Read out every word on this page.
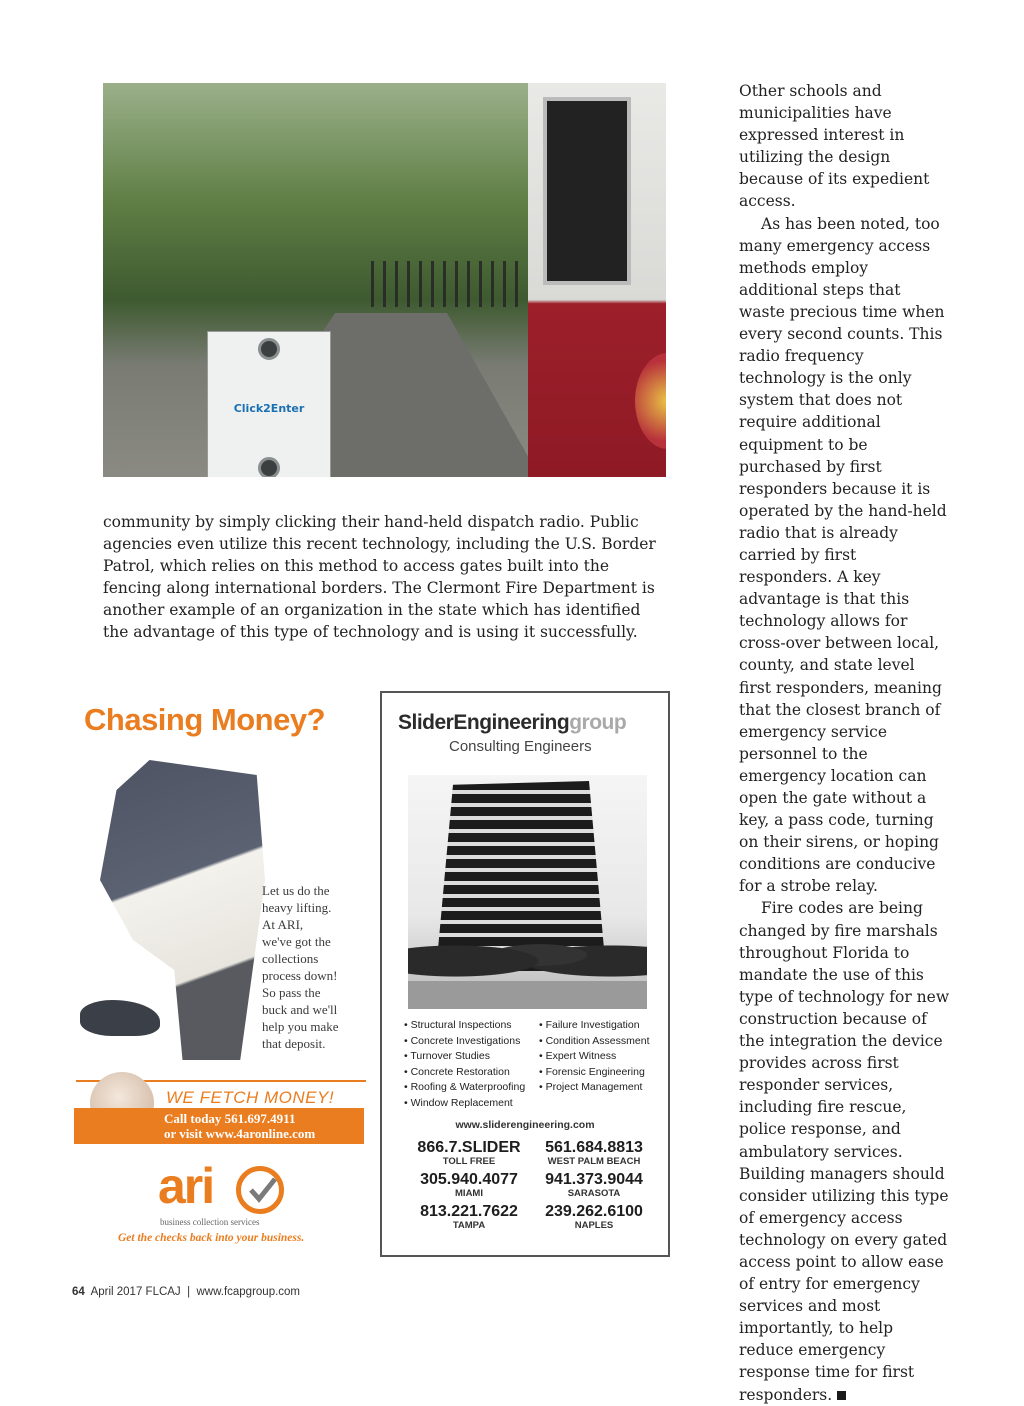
Click2Enter
community by simply clicking their hand-held dispatch radio. Public agencies even utilize this recent technology, including the U.S. Border Patrol, which relies on this method to access gates built into the fencing along international borders. The Clermont Fire Department is another example of an organization in the state which has identified the advantage of this type of technology and is using it successfully.

Other schools and municipalities have expressed interest in utilizing the design because of its expedient access.

As has been noted, too many emergency access methods employ additional steps that waste precious time when every second counts. This radio frequency technology is the only system that does not require additional equipment to be purchased by first responders because it is operated by the hand-held radio that is already carried by first responders. A key advantage is that this technology allows for cross-over between local, county, and state level first responders, meaning that the closest branch of emergency service personnel to the emergency location can open the gate without a key, a pass code, turning on their sirens, or hoping conditions are conducive for a strobe relay.

Fire codes are being changed by fire marshals throughout Florida to mandate the use of this type of technology for new construction because of the integration the device provides across first responder services, including fire rescue, police response, and ambulatory services. Building managers should consider utilizing this type of emergency access technology on every gated access point to allow ease of entry for emergency services and most importantly, to help reduce emergency response time for first responders.

Chasing Money?
Let us do the
heavy lifting.
At ARI,
we've got the
collections
process down!
So pass the
buck and we'll
help you make
that deposit.
WE FETCH MONEY!
Call today 561.697.4911
or visit www.4aronline.com
ari
business collection services
Get the checks back into your business.
SliderEngineeringgroup
Consulting Engineers
• Structural Inspections	• Failure Investigation
• Concrete Investigations	• Condition Assessment
• Turnover Studies	• Expert Witness
• Concrete Restoration	• Forensic Engineering
• Roofing & Waterproofing	• Project Management
• Window Replacement
www.sliderengineering.com
866.7.SLIDER
TOLL FREE
561.684.8813
WEST PALM BEACH
305.940.4077
MIAMI
941.373.9044
SARASOTA
813.221.7622
TAMPA
239.262.6100
NAPLES
64 April 2017 FLCAJ | www.fcapgroup.com
